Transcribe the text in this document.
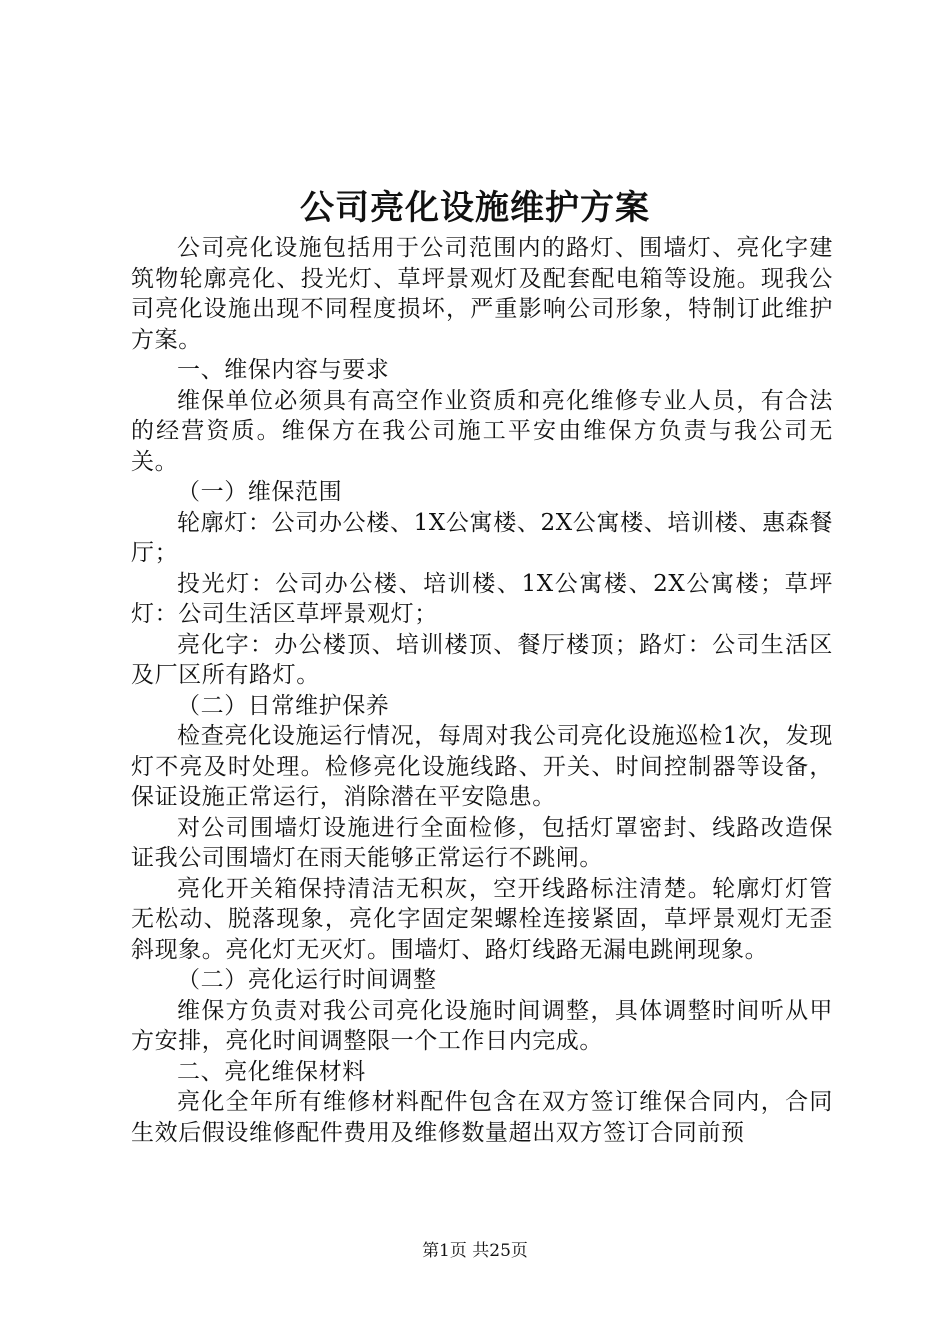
公司亮化设施维护方案

公司亮化设施包括用于公司范围内的路灯、围墙灯、亮化字建筑物轮廓亮化、投光灯、草坪景观灯及配套配电箱等设施。现我公司亮化设施出现不同程度损坏，严重影响公司形象，特制订此维护方案。

一、维保内容与要求

维保单位必须具有高空作业资质和亮化维修专业人员，有合法的经营资质。维保方在我公司施工平安由维保方负责与我公司无关。

（一）维保范围

轮廓灯：公司办公楼、1X公寓楼、2X公寓楼、培训楼、惠森餐厅；

投光灯：公司办公楼、培训楼、1X公寓楼、2X公寓楼；草坪灯：公司生活区草坪景观灯；

亮化字：办公楼顶、培训楼顶、餐厅楼顶；路灯：公司生活区及厂区所有路灯。

（二）日常维护保养

检查亮化设施运行情况，每周对我公司亮化设施巡检1次，发现灯不亮及时处理。检修亮化设施线路、开关、时间控制器等设备，保证设施正常运行，消除潜在平安隐患。

对公司围墙灯设施进行全面检修，包括灯罩密封、线路改造保证我公司围墙灯在雨天能够正常运行不跳闸。

亮化开关箱保持清洁无积灰，空开线路标注清楚。轮廓灯灯管无松动、脱落现象，亮化字固定架螺栓连接紧固，草坪景观灯无歪斜现象。亮化灯无灭灯。围墙灯、路灯线路无漏电跳闸现象。

（二）亮化运行时间调整

维保方负责对我公司亮化设施时间调整，具体调整时间听从甲方安排，亮化时间调整限一个工作日内完成。

二、亮化维保材料

亮化全年所有维修材料配件包含在双方签订维保合同内，合同生效后假设维修配件费用及维修数量超出双方签订合同前预

第1页 共25页
